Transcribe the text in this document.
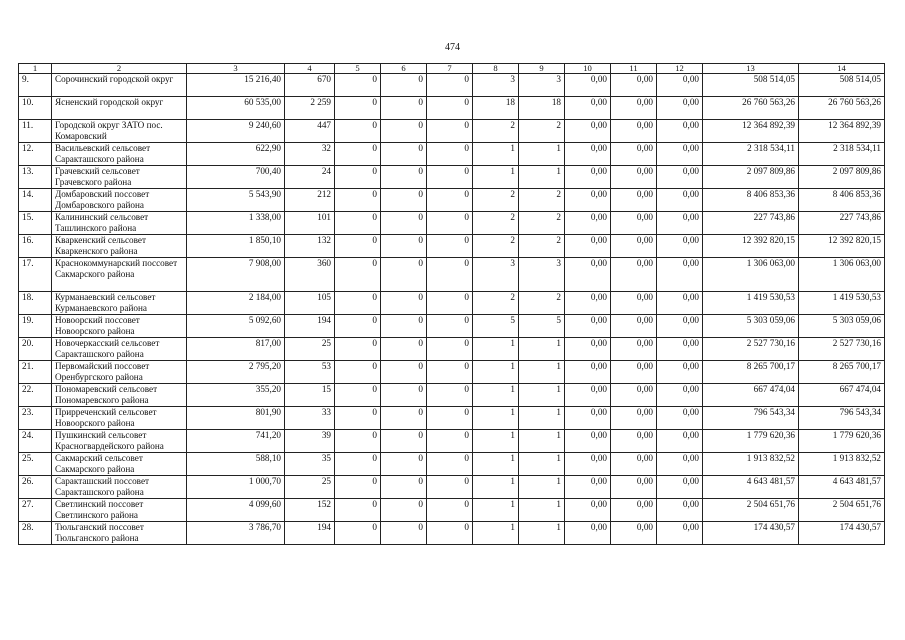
474
1	2	3	4	5	6	7	8	9	10	11	12	13	14
9.	Сорочинский городской округ	15 216,40	670	0	0	0	3	3	0,00	0,00	0,00	508 514,05	508 514,05
10.	Ясненский городской округ	60 535,00	2 259	0	0	0	18	18	0,00	0,00	0,00	26 760 563,26	26 760 563,26
11.	Городской округ ЗАТО пос. Комаровский	9 240,60	447	0	0	0	2	2	0,00	0,00	0,00	12 364 892,39	12 364 892,39
12.	Васильевский сельсовет Саракташского района	622,90	32	0	0	0	1	1	0,00	0,00	0,00	2 318 534,11	2 318 534,11
13.	Грачевский сельсовет Грачевского района	700,40	24	0	0	0	1	1	0,00	0,00	0,00	2 097 809,86	2 097 809,86
14.	Домбаровский поссовет Домбаровского района	5 543,90	212	0	0	0	2	2	0,00	0,00	0,00	8 406 853,36	8 406 853,36
15.	Калининский сельсовет Ташлинского района	1 338,00	101	0	0	0	2	2	0,00	0,00	0,00	227 743,86	227 743,86
16.	Кваркенский сельсовет Кваркенского района	1 850,10	132	0	0	0	2	2	0,00	0,00	0,00	12 392 820,15	12 392 820,15
17.	Краснокоммунарский поссовет Сакмарского района	7 908,00	360	0	0	0	3	3	0,00	0,00	0,00	1 306 063,00	1 306 063,00
18.	Курманаевский сельсовет Курманаевского района	2 184,00	105	0	0	0	2	2	0,00	0,00	0,00	1 419 530,53	1 419 530,53
19.	Новоорский поссовет Новоорского района	5 092,60	194	0	0	0	5	5	0,00	0,00	0,00	5 303 059,06	5 303 059,06
20.	Новочеркасский сельсовет Саракташского района	817,00	25	0	0	0	1	1	0,00	0,00	0,00	2 527 730,16	2 527 730,16
21.	Первомайский поссовет Оренбургского района	2 795,20	53	0	0	0	1	1	0,00	0,00	0,00	8 265 700,17	8 265 700,17
22.	Пономаревский сельсовет Пономаревского района	355,20	15	0	0	0	1	1	0,00	0,00	0,00	667 474,04	667 474,04
23.	Прирреченский сельсовет Новоорского района	801,90	33	0	0	0	1	1	0,00	0,00	0,00	796 543,34	796 543,34
24.	Пушкинский сельсовет Красногвардейского района	741,20	39	0	0	0	1	1	0,00	0,00	0,00	1 779 620,36	1 779 620,36
25.	Сакмарский сельсовет Сакмарского района	588,10	35	0	0	0	1	1	0,00	0,00	0,00	1 913 832,52	1 913 832,52
26.	Саракташский поссовет Саракташского района	1 000,70	25	0	0	0	1	1	0,00	0,00	0,00	4 643 481,57	4 643 481,57
27.	Светлинский поссовет Светлинского района	4 099,60	152	0	0	0	1	1	0,00	0,00	0,00	2 504 651,76	2 504 651,76
28.	Тюльганский поссовет Тюльганского района	3 786,70	194	0	0	0	1	1	0,00	0,00	0,00	174 430,57	174 430,57
